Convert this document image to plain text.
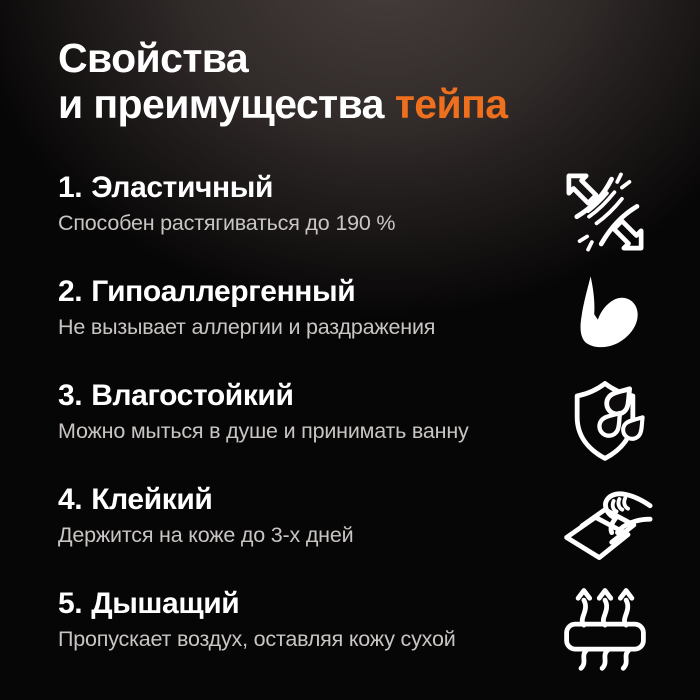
Свойства
и преимущества тейпа
1. Эластичный

Способен растягиваться до 190 %

2. Гипоаллергенный

Не вызывает аллергии и раздражения

3. Влагостойкий

Можно мыться в душе и принимать ванну

4. Клейкий

Держится на коже до 3-х дней

5. Дышащий

Пропускает воздух, оставляя кожу сухой
